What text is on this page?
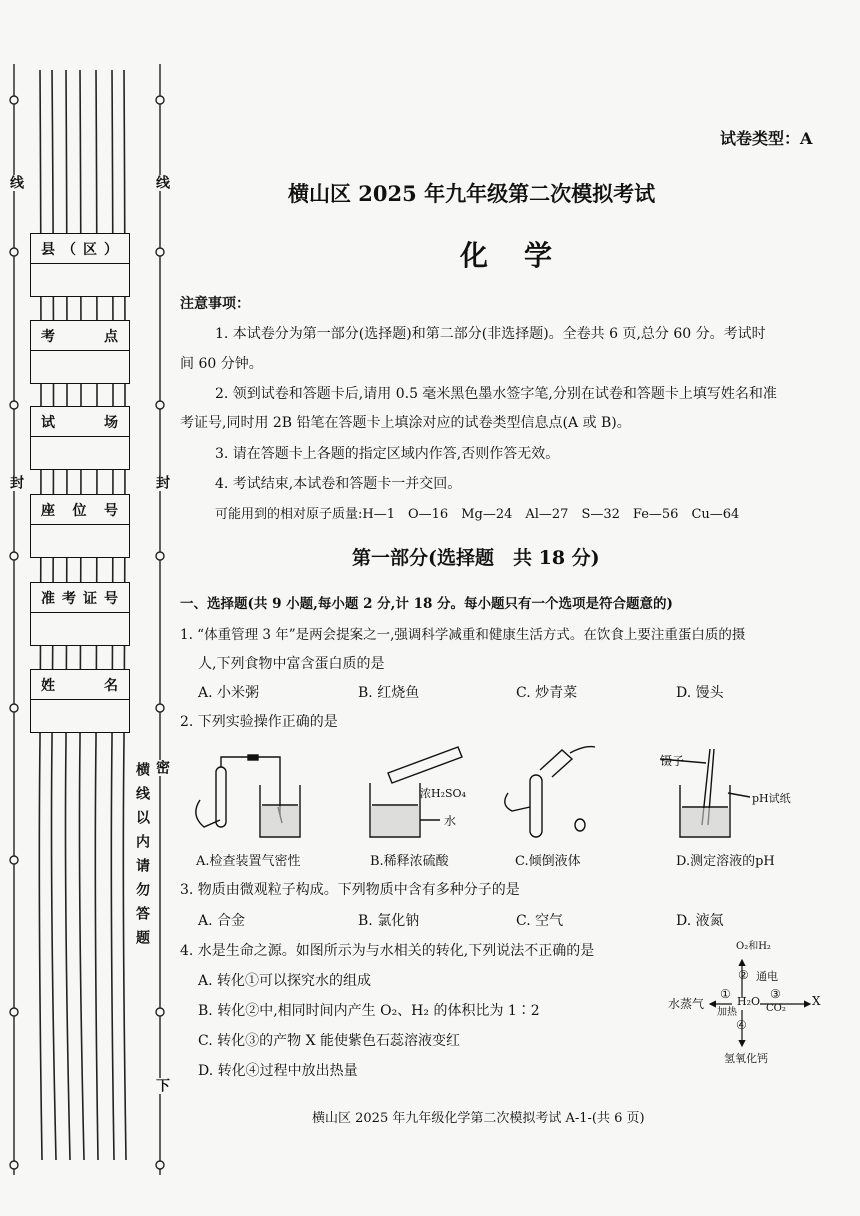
线	线
封	封
密
横线以内请勿答题
下
县 （ 区 ）
考	点
试	场
座 位 号
准 考 证 号
姓	名
试卷类型：A
横山区 2025 年九年级第二次模拟考试
化　学
注意事项：
1. 本试卷分为第一部分(选择题)和第二部分(非选择题)。全卷共 6 页,总分 60 分。考试时
间 60 分钟。
2. 领到试卷和答题卡后,请用 0.5 毫米黑色墨水签字笔,分别在试卷和答题卡上填写姓名和准
考证号,同时用 2B 铅笔在答题卡上填涂对应的试卷类型信息点(A 或 B)。
3. 请在答题卡上各题的指定区域内作答,否则作答无效。
4. 考试结束,本试卷和答题卡一并交回。
可能用到的相对原子质量:H—1　O—16　Mg—24　Al—27　S—32　Fe—56　Cu—64
第一部分(选择题　共 18 分)
一、选择题(共 9 小题,每小题 2 分,计 18 分。每小题只有一个选项是符合题意的)
1. “体重管理 3 年”是两会提案之一,强调科学减重和健康生活方式。在饮食上要注重蛋白质的摄
人,下列食物中富含蛋白质的是
A. 小米粥	B. 红烧鱼	C. 炒青菜	D. 馒头
2. 下列实验操作正确的是
浓H₂SO₄
水
镊子
pH试纸
A.检查装置气密性	B.稀释浓硫酸	C.倾倒液体	D.测定溶液的pH
3. 物质由微观粒子构成。下列物质中含有多种分子的是
A. 合金	B. 氯化钠	C. 空气	D. 液氮
4. 水是生命之源。如图所示为与水相关的转化,下列说法不正确的是
A. 转化①可以探究水的组成
B. 转化②中,相同时间内产生 O₂、H₂ 的体积比为 1∶2
C. 转化③的产物 X 能使紫色石蕊溶液变红
D. 转化④过程中放出热量
O₂和H₂
② 通电
水蒸气
①
加热
H₂O
③
CO₂
X
④
氢氧化钙
横山区 2025 年九年级化学第二次模拟考试 A-1-(共 6 页)
